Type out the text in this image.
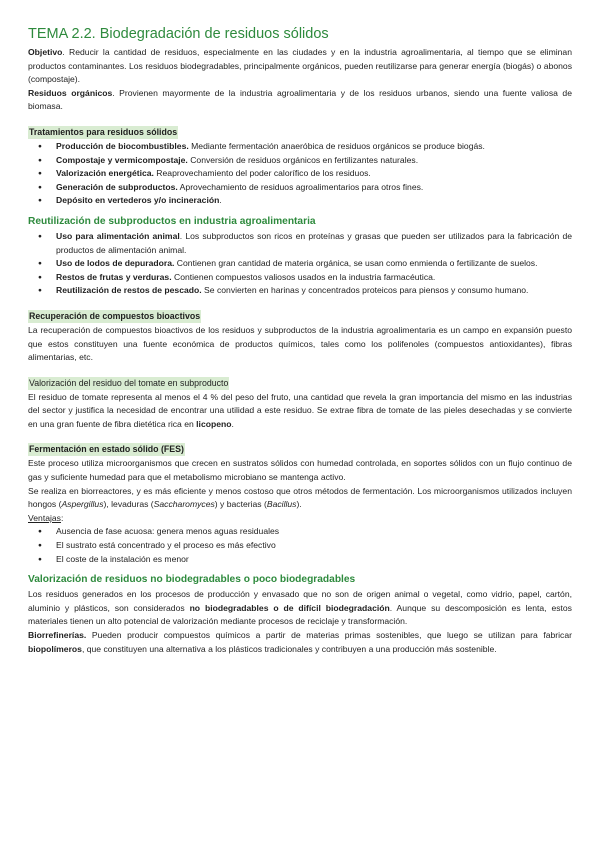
TEMA 2.2. Biodegradación de residuos sólidos

Objetivo. Reducir la cantidad de residuos, especialmente en las ciudades y en la industria agroalimentaria, al tiempo que se eliminan productos contaminantes. Los residuos biodegradables, principalmente orgánicos, pueden reutilizarse para generar energía (biogás) o abonos (compostaje).

Residuos orgánicos. Provienen mayormente de la industria agroalimentaria y de los residuos urbanos, siendo una fuente valiosa de biomasa.

Tratamientos para residuos sólidos
● Producción de biocombustibles. Mediante fermentación anaeróbica de residuos orgánicos se produce biogás.
● Compostaje y vermicompostaje. Conversión de residuos orgánicos en fertilizantes naturales.
● Valorización energética. Reaprovechamiento del poder calorífico de los residuos.
● Generación de subproductos. Aprovechamiento de residuos agroalimentarios para otros fines.
● Depósito en vertederos y/o incineración.
Reutilización de subproductos en industria agroalimentaria
● Uso para alimentación animal. Los subproductos son ricos en proteínas y grasas que pueden ser utilizados para la fabricación de productos de alimentación animal.
● Uso de lodos de depuradora. Contienen gran cantidad de materia orgánica, se usan como enmienda o fertilizante de suelos.
● Restos de frutas y verduras. Contienen compuestos valiosos usados en la industria farmacéutica.
● Reutilización de restos de pescado. Se convierten en harinas y concentrados proteicos para piensos y consumo humano.
Recuperación de compuestos bioactivos

La recuperación de compuestos bioactivos de los residuos y subproductos de la industria agroalimentaria es un campo en expansión puesto que estos constituyen una fuente económica de productos químicos, tales como los polifenoles (compuestos antioxidantes), fibras alimentarias, etc.

Valorización del residuo del tomate en subproducto

El residuo de tomate representa al menos el 4 % del peso del fruto, una cantidad que revela la gran importancia del mismo en las industrias del sector y justifica la necesidad de encontrar una utilidad a este residuo. Se extrae fibra de tomate de las pieles desechadas y se convierte en una gran fuente de fibra dietética rica en licopeno.

Fermentación en estado sólido (FES)

Este proceso utiliza microorganismos que crecen en sustratos sólidos con humedad controlada, en soportes sólidos con un flujo continuo de gas y suficiente humedad para que el metabolismo microbiano se mantenga activo.

Se realiza en biorreactores, y es más eficiente y menos costoso que otros métodos de fermentación. Los microorganismos utilizados incluyen hongos (Aspergillus), levaduras (Saccharomyces) y bacterias (Bacillus).

Ventajas:

● Ausencia de fase acuosa: genera menos aguas residuales
● El sustrato está concentrado y el proceso es más efectivo
● El coste de la instalación es menor
Valorización de residuos no biodegradables o poco biodegradables

Los residuos generados en los procesos de producción y envasado que no son de origen animal o vegetal, como vidrio, papel, cartón, aluminio y plásticos, son considerados no biodegradables o de difícil biodegradación. Aunque su descomposición es lenta, estos materiales tienen un alto potencial de valorización mediante procesos de reciclaje y transformación.

Biorrefinerías. Pueden producir compuestos químicos a partir de materias primas sostenibles, que luego se utilizan para fabricar biopolímeros, que constituyen una alternativa a los plásticos tradicionales y contribuyen a una producción más sostenible.
